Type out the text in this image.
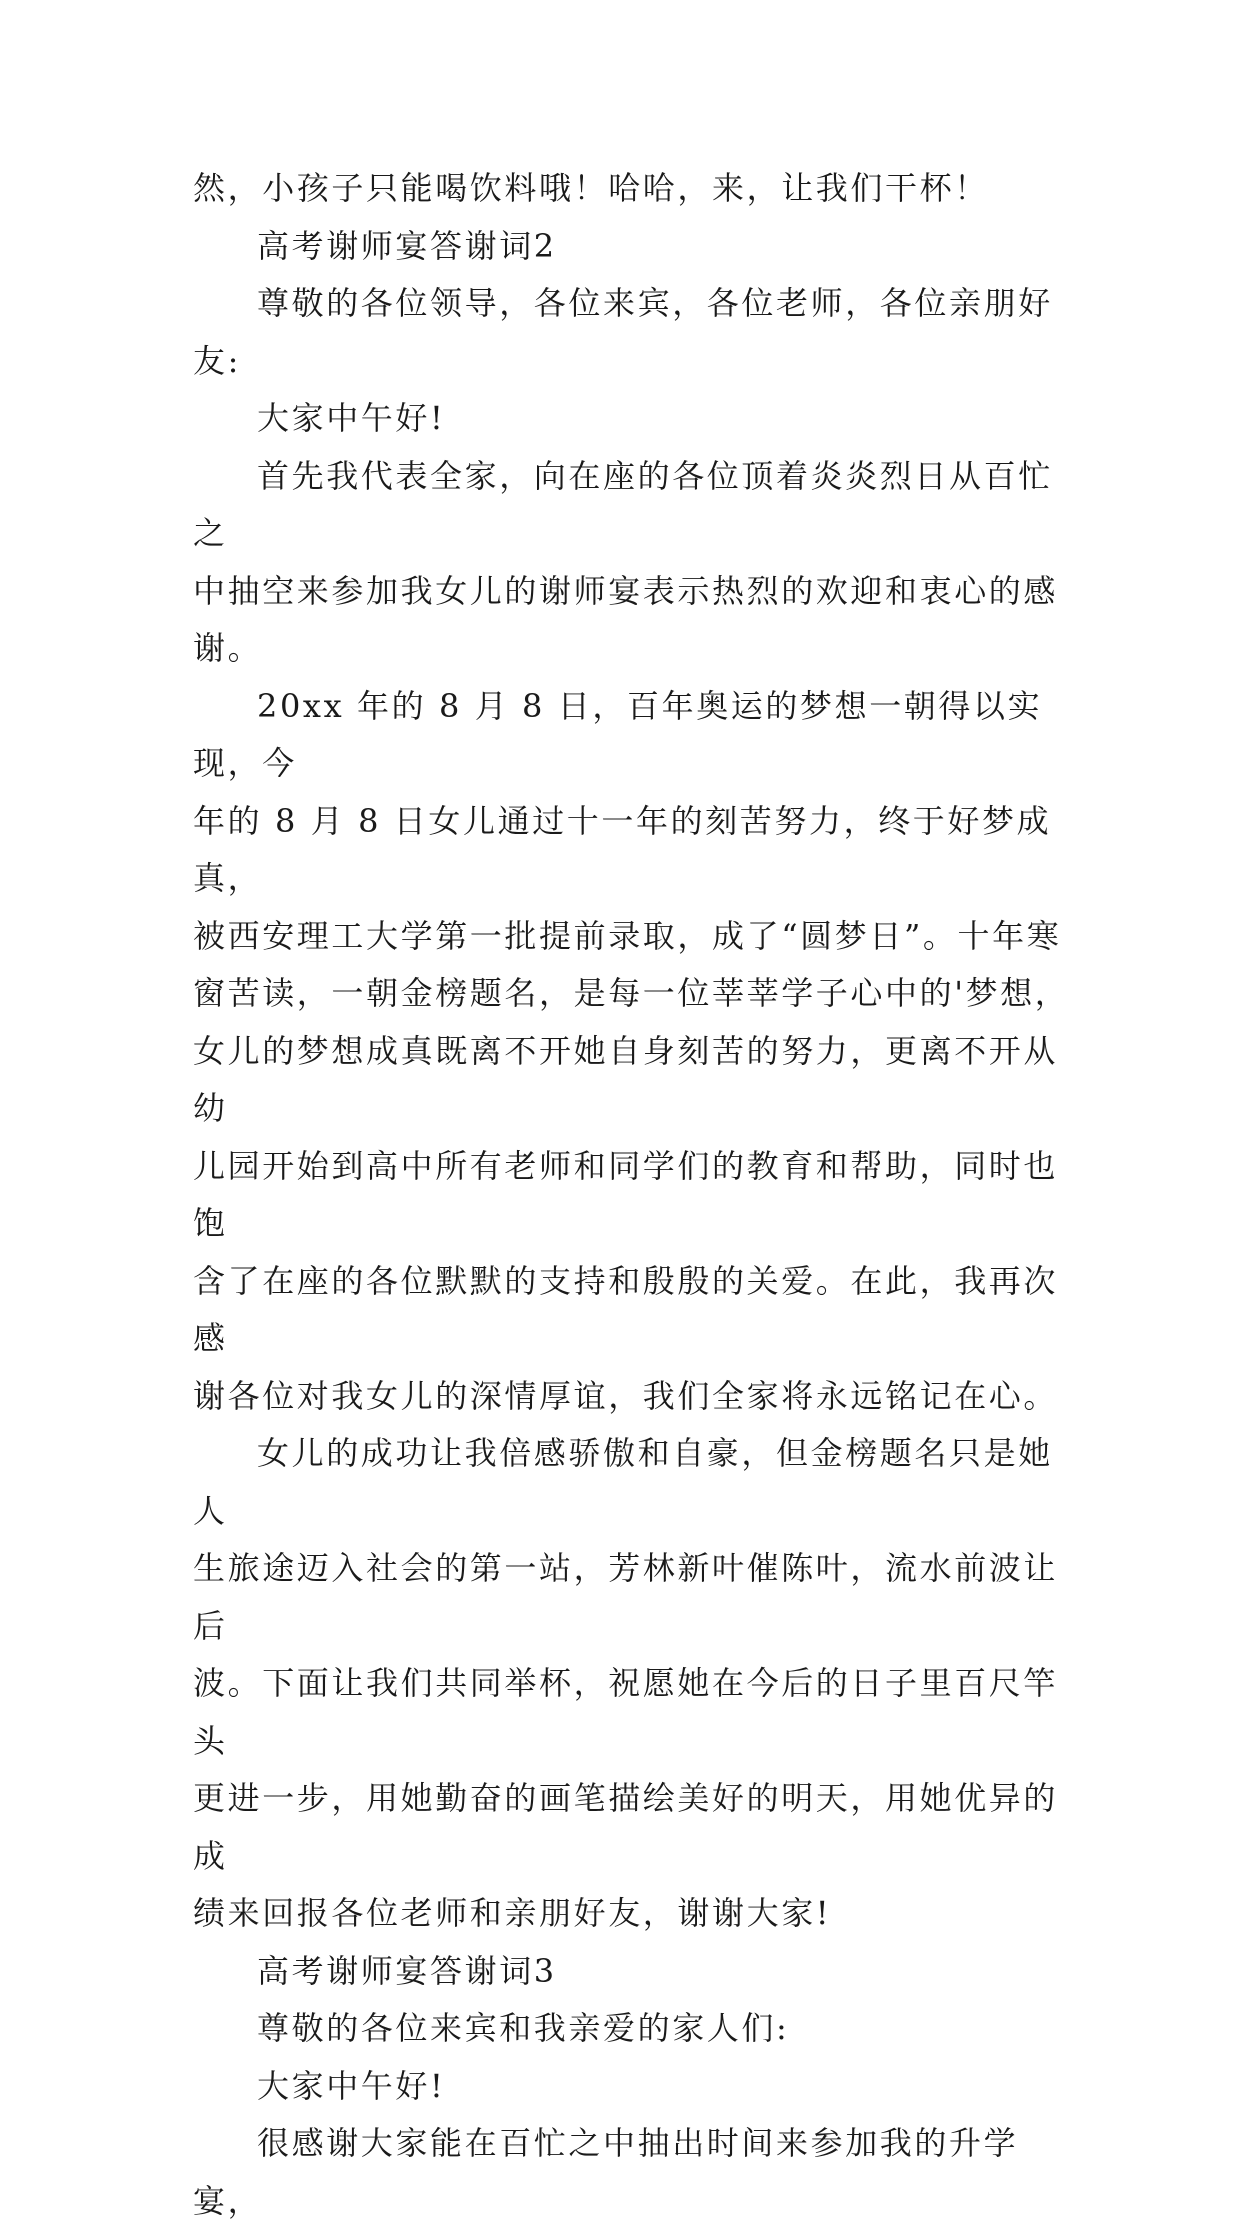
然，小孩子只能喝饮料哦！哈哈，来，让我们干杯！

高考谢师宴答谢词2

尊敬的各位领导，各位来宾，各位老师，各位亲朋好友:

大家中午好!

首先我代表全家，向在座的各位顶着炎炎烈日从百忙之
中抽空来参加我女儿的谢师宴表示热烈的欢迎和衷心的感
谢。

20xx 年的 8 月 8 日，百年奥运的梦想一朝得以实现，今
年的 8 月 8 日女儿通过十一年的刻苦努力，终于好梦成真，
被西安理工大学第一批提前录取，成了“圆梦日”。十年寒
窗苦读，一朝金榜题名，是每一位莘莘学子心中的'梦想，
女儿的梦想成真既离不开她自身刻苦的努力，更离不开从幼
儿园开始到高中所有老师和同学们的教育和帮助，同时也饱
含了在座的各位默默的支持和殷殷的关爱。在此，我再次感
谢各位对我女儿的深情厚谊，我们全家将永远铭记在心。

女儿的成功让我倍感骄傲和自豪，但金榜题名只是她人
生旅途迈入社会的第一站，芳林新叶催陈叶，流水前波让后
波。下面让我们共同举杯，祝愿她在今后的日子里百尺竿头
更进一步，用她勤奋的画笔描绘美好的明天，用她优异的成
绩来回报各位老师和亲朋好友，谢谢大家!

高考谢师宴答谢词3

尊敬的各位来宾和我亲爱的家人们:

大家中午好!

很感谢大家能在百忙之中抽出时间来参加我的升学宴，
